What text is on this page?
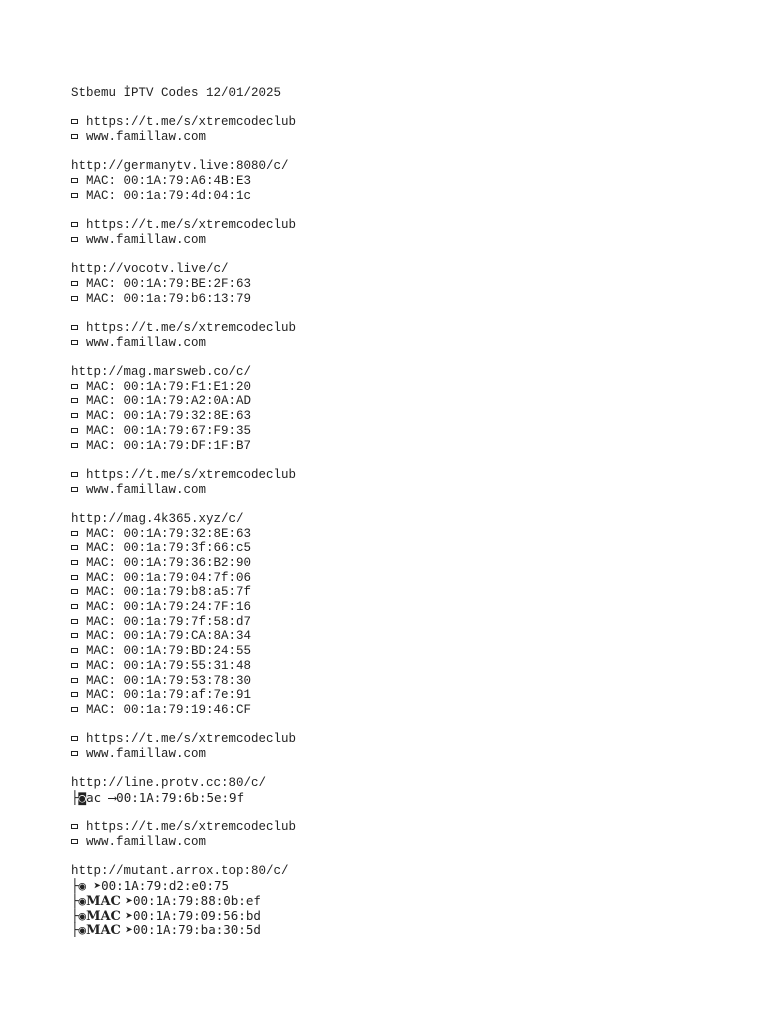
Stbemu İPTV Codes 12/01/2025
https://t.me/s/xtremcodeclub
www.famillaw.com
http://germanytv.live:8080/c/
MAC: 00:1A:79:A6:4B:E3
MAC: 00:1a:79:4d:04:1c
https://t.me/s/xtremcodeclub
www.famillaw.com
http://vocotv.live/c/
MAC: 00:1A:79:BE:2F:63
MAC: 00:1a:79:b6:13:79
https://t.me/s/xtremcodeclub
www.famillaw.com
http://mag.marsweb.co/c/
MAC: 00:1A:79:F1:E1:20
MAC: 00:1A:79:A2:0A:AD
MAC: 00:1A:79:32:8E:63
MAC: 00:1A:79:67:F9:35
MAC: 00:1A:79:DF:1F:B7
https://t.me/s/xtremcodeclub
www.famillaw.com
http://mag.4k365.xyz/c/
MAC: 00:1A:79:32:8E:63
MAC: 00:1a:79:3f:66:c5
MAC: 00:1A:79:36:B2:90
MAC: 00:1a:79:04:7f:06
MAC: 00:1a:79:b8:a5:7f
MAC: 00:1A:79:24:7F:16
MAC: 00:1a:79:7f:58:d7
MAC: 00:1A:79:CA:8A:34
MAC: 00:1A:79:BD:24:55
MAC: 00:1A:79:55:31:48
MAC: 00:1A:79:53:78:30
MAC: 00:1a:79:af:7e:91
MAC: 00:1a:79:19:46:CF
https://t.me/s/xtremcodeclub
www.famillaw.com
http://line.protv.cc:80/c/
├◙ac ⟶00:1A:79:6b:5e:9f
https://t.me/s/xtremcodeclub
www.famillaw.com
http://mutant.arrox.top:80/c/
├◉ ➤00:1A:79:d2:e0:75
├◉MAC ➤00:1A:79:88:0b:ef
├◉MAC ➤00:1A:79:09:56:bd
├◉MAC ➤00:1A:79:ba:30:5d
